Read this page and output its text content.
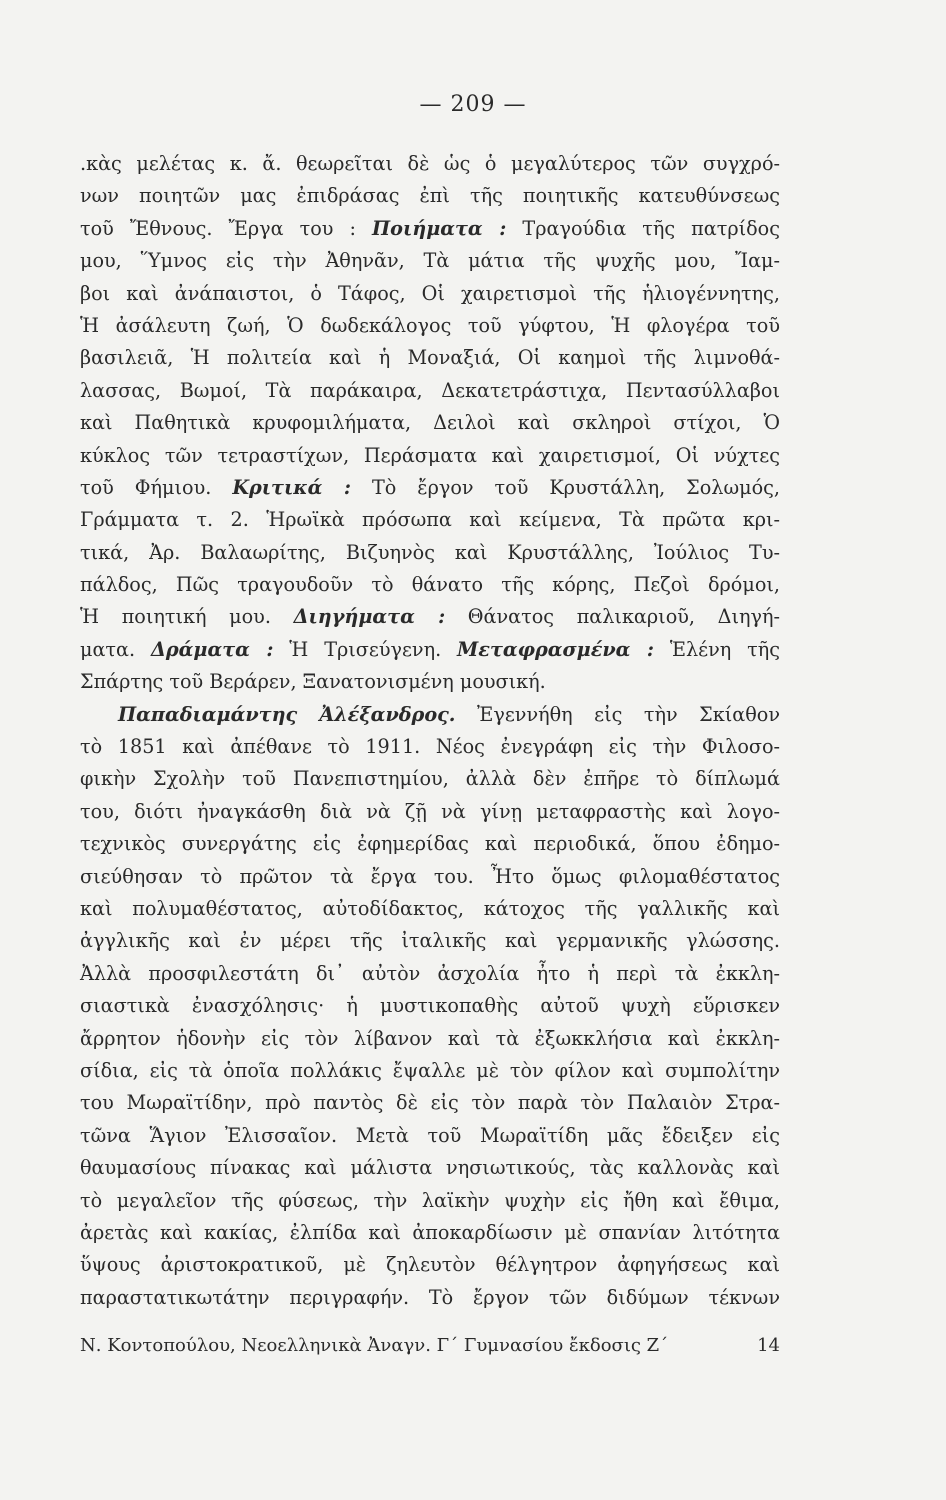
— 209 —
.κὰς μελέτας κ. ἄ. θεωρεῖται δὲ ὡς ὁ μεγαλύτερος τῶν συγχρό-
νων ποιητῶν μας ἐπιδράσας ἐπὶ τῆς ποιητικῆς κατευθύνσεως
τοῦ Ἔθνους. Ἔργα του : Ποιήματα : Τραγούδια τῆς πατρίδος
μου, Ὕμνος εἰς τὴν Ἀθηνᾶν, Τὰ μάτια τῆς ψυχῆς μου, Ἴαμ-
βοι καὶ ἀνάπαιστοι, ὁ Τάφος, Οἱ χαιρετισμοὶ τῆς ἡλιογέννητης,
Ἡ ἀσάλευτη ζωή, Ὁ δωδεκάλογος τοῦ γύφτου, Ἡ φλογέρα τοῦ
βασιλειᾶ, Ἡ πολιτεία καὶ ἡ Μοναξιά, Οἱ καημοὶ τῆς λιμνοθά-
λασσας, Βωμοί, Τὰ παράκαιρα, Δεκατετράστιχα, Πεντασύλλαβοι
καὶ Παθητικὰ κρυφομιλήματα, Δειλοὶ καὶ σκληροὶ στίχοι, Ὁ
κύκλος τῶν τετραστίχων, Περάσματα καὶ χαιρετισμοί, Οἱ νύχτες
τοῦ Φήμιου. Κριτικά : Τὸ ἔργον τοῦ Κρυστάλλη, Σολωμός,
Γράμματα τ. 2. Ἡρωϊκὰ πρόσωπα καὶ κείμενα, Τὰ πρῶτα κρι-
τικά, Ἀρ. Βαλαωρίτης, Βιζυηνὸς καὶ Κρυστάλλης, Ἰούλιος Τυ-
πάλδος, Πῶς τραγουδοῦν τὸ θάνατο τῆς κόρης, Πεζοὶ δρόμοι,
Ἡ ποιητική μου. Διηγήματα : Θάνατος παλικαριοῦ, Διηγή-
ματα. Δράματα : Ἡ Τρισεύγενη. Μεταφρασμένα : Ἑλένη τῆς
Σπάρτης τοῦ Βεράρεν, Ξανατονισμένη μουσική.
Παπαδιαμάντης Ἀλέξανδρος. Ἐγεννήθη εἰς τὴν Σκίαθον
τὸ 1851 καὶ ἀπέθανε τὸ 1911. Νέος ἐνεγράφη εἰς τὴν Φιλοσο-
φικὴν Σχολὴν τοῦ Πανεπιστημίου, ἀλλὰ δὲν ἐπῆρε τὸ δίπλωμά
του, διότι ἠναγκάσθη διὰ νὰ ζῇ νὰ γίνῃ μεταφραστὴς καὶ λογο-
τεχνικὸς συνεργάτης εἰς ἐφημερίδας καὶ περιοδικά, ὅπου ἐδημο-
σιεύθησαν τὸ πρῶτον τὰ ἔργα του. Ἦτο ὅμως φιλομαθέστατος
καὶ πολυμαθέστατος, αὐτοδίδακτος, κάτοχος τῆς γαλλικῆς καὶ
ἀγγλικῆς καὶ ἐν μέρει τῆς ἰταλικῆς καὶ γερμανικῆς γλώσσης.
Ἀλλὰ προσφιλεστάτη δι᾿ αὐτὸν ἀσχολία ἦτο ἡ περὶ τὰ ἐκκλη-
σιαστικὰ ἐνασχόλησις· ἡ μυστικοπαθὴς αὐτοῦ ψυχὴ εὕρισκεν
ἄρρητον ἡδονὴν εἰς τὸν λίβανον καὶ τὰ ἐξωκκλήσια καὶ ἐκκλη-
σίδια, εἰς τὰ ὁποῖα πολλάκις ἔψαλλε μὲ τὸν φίλον καὶ συμπολίτην
του Μωραϊτίδην, πρὸ παντὸς δὲ εἰς τὸν παρὰ τὸν Παλαιὸν Στρα-
τῶνα Ἅγιον Ἐλισσαῖον. Μετὰ τοῦ Μωραϊτίδη μᾶς ἔδειξεν εἰς
θαυμασίους πίνακας καὶ μάλιστα νησιωτικούς, τὰς καλλονὰς καὶ
τὸ μεγαλεῖον τῆς φύσεως, τὴν λαϊκὴν ψυχὴν εἰς ἤθη καὶ ἔθιμα,
ἀρετὰς καὶ κακίας, ἐλπίδα καὶ ἀποκαρδίωσιν μὲ σπανίαν λιτότητα
ὕψους ἀριστοκρατικοῦ, μὲ ζηλευτὸν θέλγητρον ἀφηγήσεως καὶ
παραστατικωτάτην περιγραφήν. Τὸ ἔργον τῶν διδύμων τέκνων
Ν. Κοντοπούλου, Νεοελληνικὰ Ἀναγν. Γ΄ Γυμνασίου ἔκδοσις Ζ΄	14
